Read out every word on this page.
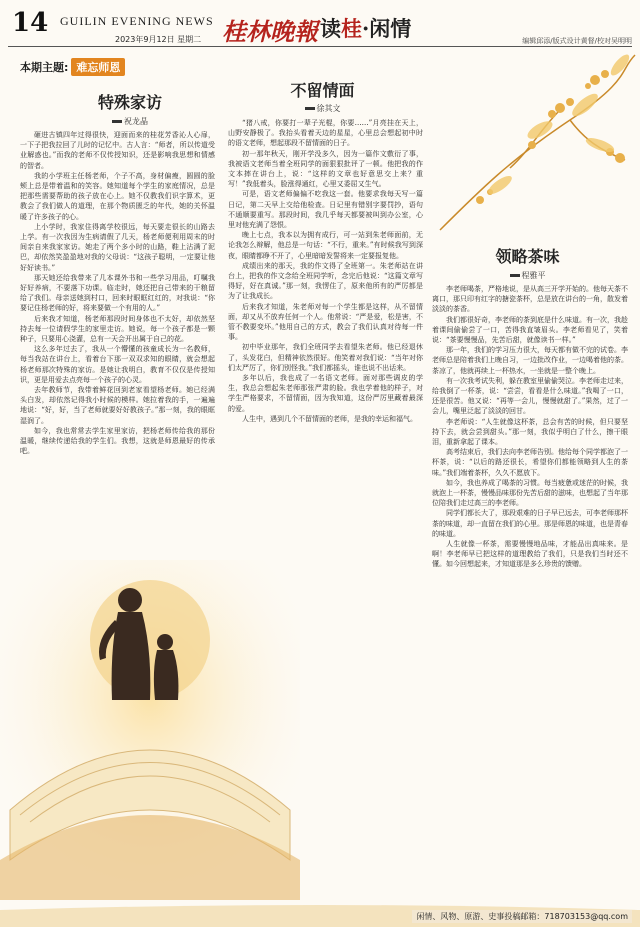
14 GUILIN EVENING NEWS
2023年9月12日 星期二 桂林晚報 读桂·闲情	编辑邱添/版式设计黄督/校对吴明明
本期主题: 难忘师恩
特殊家访
祝龙晶

砸进古镇四年过得很快，迎面而来的桂花芳香沁人心扉，一下子把我拉回了儿时的记忆中。古人言：“师者，所以传道受业解惑也。”而我的老师不仅传授知识，还是影响我思想和情感的智者。

我的小学班主任杨老师，个子不高，身材偏瘦，圆圆的脸颊上总是带着温和的笑容。她知道每个学生的家庭情况，总是把那些需要帮助的孩子放在心上。她不仅教我们识字算术，更教会了我们做人的道理，在那个物质匮乏的年代，她的关怀温暖了许多孩子的心。

上小学时，我家住得离学校很远，每天要走很长的山路去上学。有一次我因为生病请假了几天，杨老师便利用周末的时间亲自来我家家访。她走了两个多小时的山路，鞋上沾满了泥巴，却依然笑盈盈地对我的父母说：“这孩子聪明，一定要让他好好读书。”

那天她还给我带来了几本课外书和一些学习用品，叮嘱我好好养病，不要落下功课。临走时，她还把自己带来的干粮留给了我们。母亲送她到村口，回来时眼眶红红的，对我说：“你要记住杨老师的好，将来要做一个有用的人。”

后来我才知道，杨老师那段时间身体也不太好，却依然坚持去每一位请假学生的家里走访。她说，每一个孩子都是一颗种子，只要用心浇灌，总有一天会开出属于自己的花。

这么多年过去了，我从一个懵懂的孩童成长为一名教师，每当我站在讲台上，看着台下那一双双求知的眼睛，就会想起杨老师那次特殊的家访。是她让我明白，教育不仅仅是传授知识，更是用爱去点亮每一个孩子的心灵。

去年教师节，我带着鲜花回到老家看望杨老师。她已经满头白发，却依然记得我小时候的模样。她拉着我的手，一遍遍地说：“好，好，当了老师就要好好教孩子。”那一刻，我的眼眶湿润了。

如今，我也常常去学生家里家访，把杨老师传给我的那份温暖，继续传递给我的学生们。我想，这就是师恩最好的传承吧。

不留情面
徐其文

“猪八戒，你要打一辈子光棍，你要……”月亮挂在天上，山野安静极了。我抬头看着天边的星星，心里总会想起初中时的语文老师，想起那段不留情面的日子。

初一那年秋天，刚开学没多久，因为一篇作文敷衍了事，我被语文老师当着全班同学的面狠狠批评了一顿。他把我的作文本摔在讲台上，说：“这样的文章也好意思交上来？重写！”我低着头，脸涨得通红，心里又委屈又生气。

可是，语文老师偏偏不吃我这一套。他要求我每天写一篇日记，第二天早上交给他检查。日记里有错别字要罚抄，语句不通顺要重写。那段时间，我几乎每天都要被叫到办公室，心里对他充满了怨恨。

晚上七点，我本以为拥有成行，可一站到朱老师面前，无论我怎么辩解，他总是一句话：“不行，重来。”有时候我写到深夜，眼睛都睁不开了，心里暗暗发誓将来一定要报复他。

成绩出来的那天，我的作文得了全班第一。朱老师站在讲台上，把我的作文念给全班同学听，念完后他说：“这篇文章写得好，好在真诚。”那一刻，我愣住了，原来他所有的严厉都是为了让我成长。

后来我才知道，朱老师对每一个学生都是这样，从不留情面，却又从不放弃任何一个人。他常说：“严是爱，松是害，不管不教要变坏。”他用自己的方式，教会了我们认真对待每一件事。

初中毕业那年，我们全班同学去看望朱老师。他已经退休了，头发花白，但精神依然很好。他笑着对我们说：“当年对你们太严厉了，你们别怪我。”我们都摇头，谁也说不出话来。

多年以后，我也成了一名语文老师。面对那些调皮的学生，我总会想起朱老师那张严肃的脸。我也学着他的样子，对学生严格要求，不留情面，因为我知道，这份严厉里藏着最深的爱。

人生中，遇到几个不留情面的老师，是我的幸运和福气。

领略茶味
程雅平

李老师喝茶，严格地说，是从高三开学开始的。他每天茶不离口，那只印有红字的搪瓷茶杯，总是放在讲台的一角，散发着淡淡的茶香。

我们都很好奇，李老师的茶到底是什么味道。有一次，我趁着课间偷偷尝了一口，苦得我直皱眉头。李老师看见了，笑着说：“茶要慢慢品，先苦后甜，就像读书一样。”

那一年，我们的学习压力很大，每天都有做不完的试卷。李老师总是陪着我们上晚自习，一边批改作业，一边喝着他的茶。茶凉了，他就再续上一杯热水，一坐就是一整个晚上。

有一次我考试失利，躲在教室里偷偷哭泣。李老师走过来，给我倒了一杯茶，说：“尝尝，看看是什么味道。”我喝了一口，还是很苦。他又说：“再等一会儿，慢慢就甜了。”果然，过了一会儿，嘴里泛起了淡淡的回甘。

李老师说：“人生就像这杯茶，总会有苦的时候，但只要坚持下去，就会尝到甜头。”那一刻，我似乎明白了什么，擦干眼泪，重新拿起了课本。

高考结束后，我们去向李老师告别。他给每个同学都泡了一杯茶，说：“以后的路还很长，希望你们都能领略到人生的茶味。”我们端着茶杯，久久不愿放下。

如今，我也养成了喝茶的习惯。每当疲惫或迷茫的时候，我就泡上一杯茶，慢慢品味那份先苦后甜的滋味，也想起了当年那位陪我们走过高三的李老师。

同学们都长大了，那段艰难的日子早已远去，可李老师那杯茶的味道，却一直留在我们的心里。那是师恩的味道，也是青春的味道。

人生就像一杯茶，需要慢慢地品味，才能品出真味来。是啊！李老师早已把这样的道理教给了我们，只是我们当时还不懂。如今回想起来，才知道那是多么珍贵的馈赠。

闲情、风物、原游、史事投稿邮箱：718703153@qq.com
